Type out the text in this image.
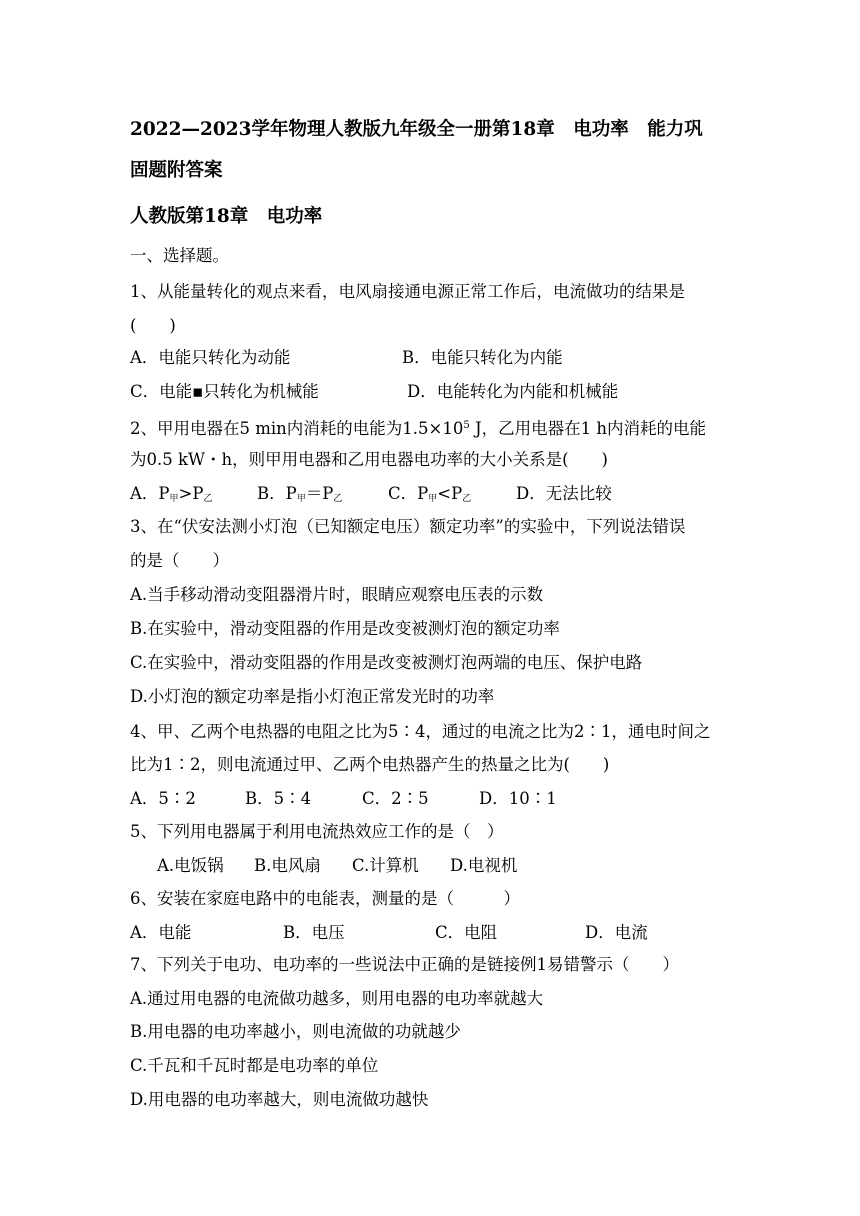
2022—2023学年物理人教版九年级全一册第18章　电功率　能力巩
固题附答案
人教版第18章　电功率
一、选择题。
1、从能量转化的观点来看，电风扇接通电源正常工作后，电流做功的结果是
(　　)
A．电能只转化为动能	B．电能只转化为内能
C．电能▪只转化为机械能	D．电能转化为内能和机械能
2、甲用电器在5 min内消耗的电能为$1.5\times 10^5$ J，乙用电器在1 h内消耗的电能
为0.5 kW・h，则甲用电器和乙用电器电功率的大小关系是(　　)
A．$P_甲>P_乙$	B．$P_甲=P_乙$	C．$P_甲<P_乙$	D．无法比较
3、在“伏安法测小灯泡（已知额定电压）额定功率”的实验中，下列说法错误
的是（　　）
A.当手移动滑动变阻器滑片时，眼睛应观察电压表的示数
B.在实验中，滑动变阻器的作用是改变被测灯泡的额定功率
C.在实验中，滑动变阻器的作用是改变被测灯泡两端的电压、保护电路
D.小灯泡的额定功率是指小灯泡正常发光时的功率
4、甲、乙两个电热器的电阻之比为5∶4，通过的电流之比为2∶1，通电时间之
比为1∶2，则电流通过甲、乙两个电热器产生的热量之比为(　　)
A．5∶2	B．5∶4	C．2∶5	D．10∶1
5、下列用电器属于利用电流热效应工作的是（　）
A.电饭锅 B.电风扇 C.计算机 D.电视机
6、安装在家庭电路中的电能表，测量的是（　　　）
A．电能	B．电压	C．电阻	D．电流
7、下列关于电功、电功率的一些说法中正确的是链接例1易错警示（　　）
A.通过用电器的电流做功越多，则用电器的电功率就越大
B.用电器的电功率越小，则电流做的功就越少
C.千瓦和千瓦时都是电功率的单位
D.用电器的电功率越大，则电流做功越快
